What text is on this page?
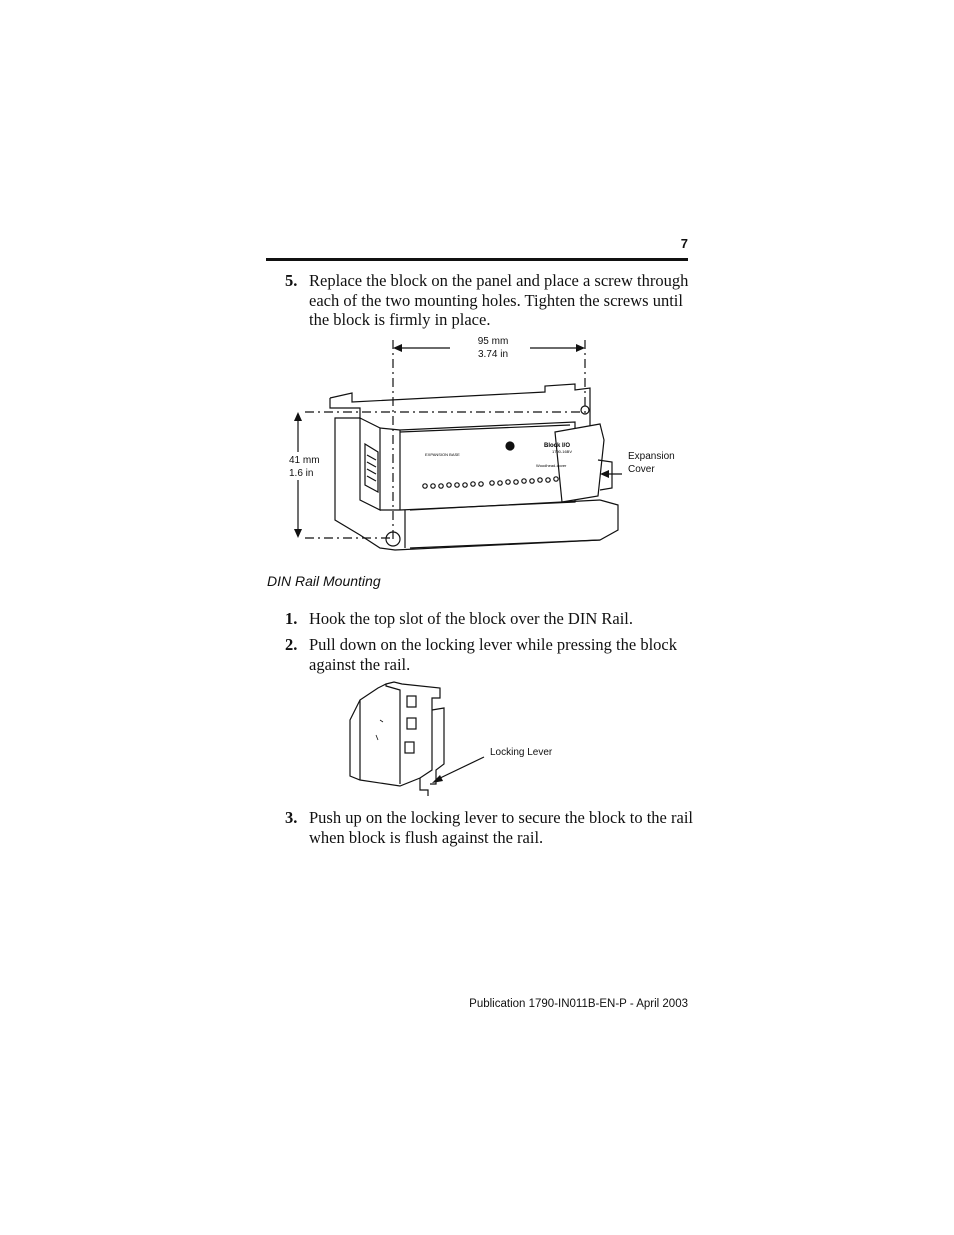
7
5. Replace the block on the panel and place a screw through each of the two mounting holes. Tighten the screws until the block is firmly in place.
Block I/O
1790-16BV
EXPANSION BASE
Woodhead-cover
95 mm
3.74 in
41 mm
1.6 in
Expansion
Cover
DIN Rail Mounting
1. Hook the top slot of the block over the DIN Rail.
2. Pull down on the locking lever while pressing the block against the rail.
Locking Lever
3. Push up on the locking lever to secure the block to the rail when block is flush against the rail.
Publication 1790-IN011B-EN-P - April 2003
